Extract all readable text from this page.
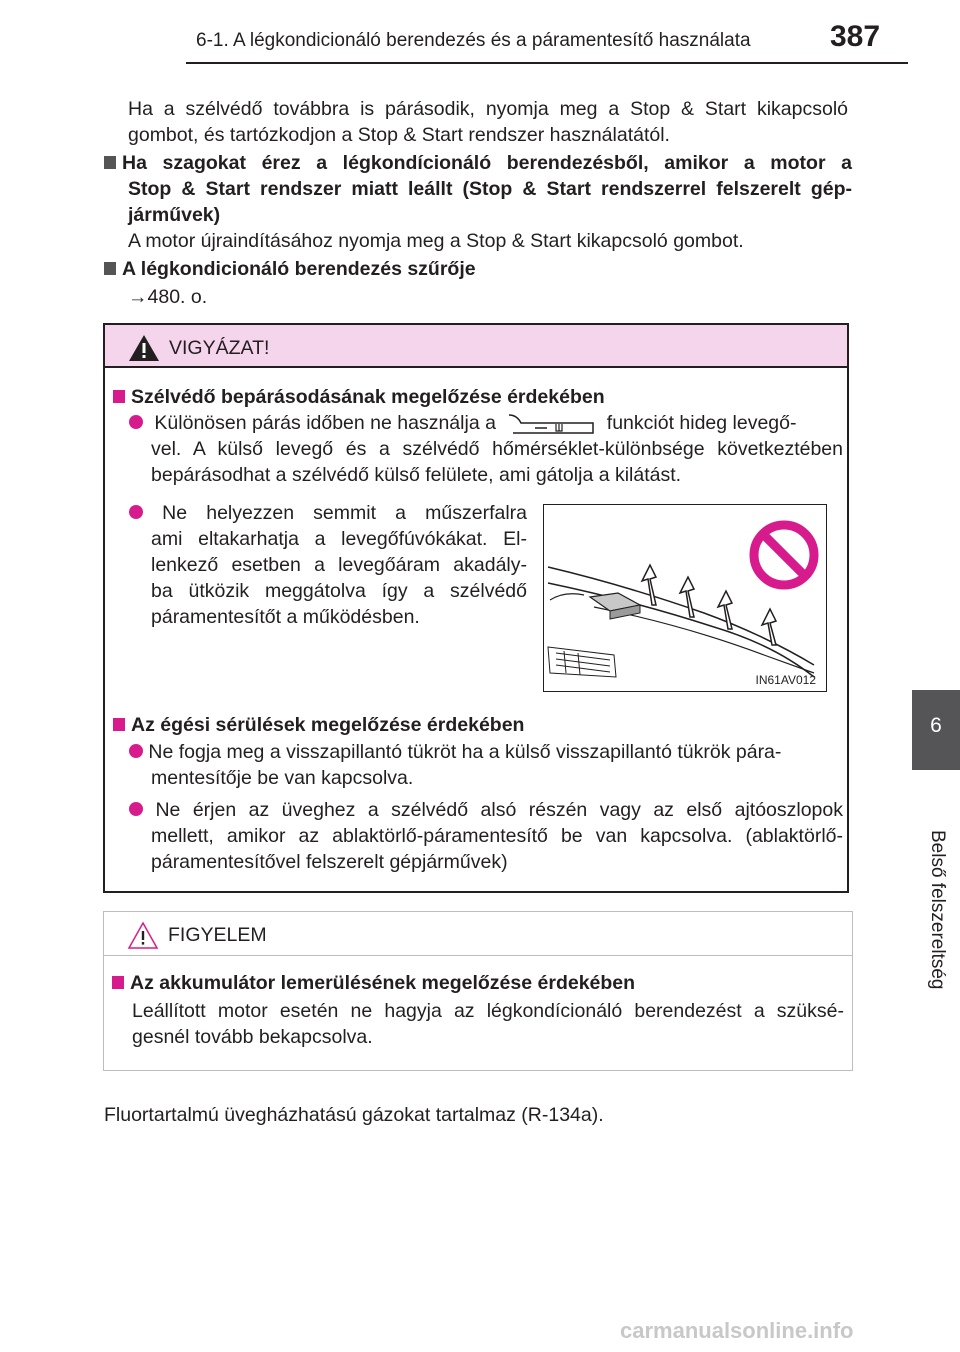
6-1. A légkondicionáló berendezés és a páramentesítő használata	387
6
Belső felszereltség
Ha a szélvédő továbbra is párásodik, nyomja meg a Stop & Start kikapcsoló
gombot, és tartózkodjon a Stop & Start rendszer használatától.
Ha szagokat érez a légkondícionáló berendezésből, amikor a motor a
Stop & Start rendszer miatt leállt (Stop & Start rendszerrel felszerelt gép-
járművek)
A motor újraindításához nyomja meg a Stop & Start kikapcsoló gombot.
A légkondicionáló berendezés szűrője
→480. o.
VIGYÁZAT!
Szélvédő bepárásodásának megelőzése érdekében
Különösen párás időben ne használja a	funkciót hideg levegő-
vel. A külső levegő és a szélvédő hőmérséklet-különbsége következtében
bepárásodhat a szélvédő külső felülete, ami gátolja a kilátást.
Ne helyezzen semmit a műszerfalra
ami eltakarhatja a levegőfúvókákat. El-
lenkező esetben a levegőáram akadály-
ba ütközik meggátolva így a szélvédő
páramentesítőt a működésben.
Az égési sérülések megelőzése érdekében
Ne fogja meg a visszapillantó tükröt ha a külső visszapillantó tükrök pára-
mentesítője be van kapcsolva.
Ne érjen az üveghez a szélvédő alsó részén vagy az első ajtóoszlopok
mellett, amikor az ablaktörlő-páramentesítő be van kapcsolva. (ablaktörlő-
páramentesítővel felszerelt gépjárművek)
IN61AV012
FIGYELEM
Az akkumulátor lemerülésének megelőzése érdekében
Leállított motor esetén ne hagyja az légkondícionáló berendezést a szüksé-
gesnél tovább bekapcsolva.
Fluortartalmú üvegházhatású gázokat tartalmaz (R-134a).
carmanualsonline.info
